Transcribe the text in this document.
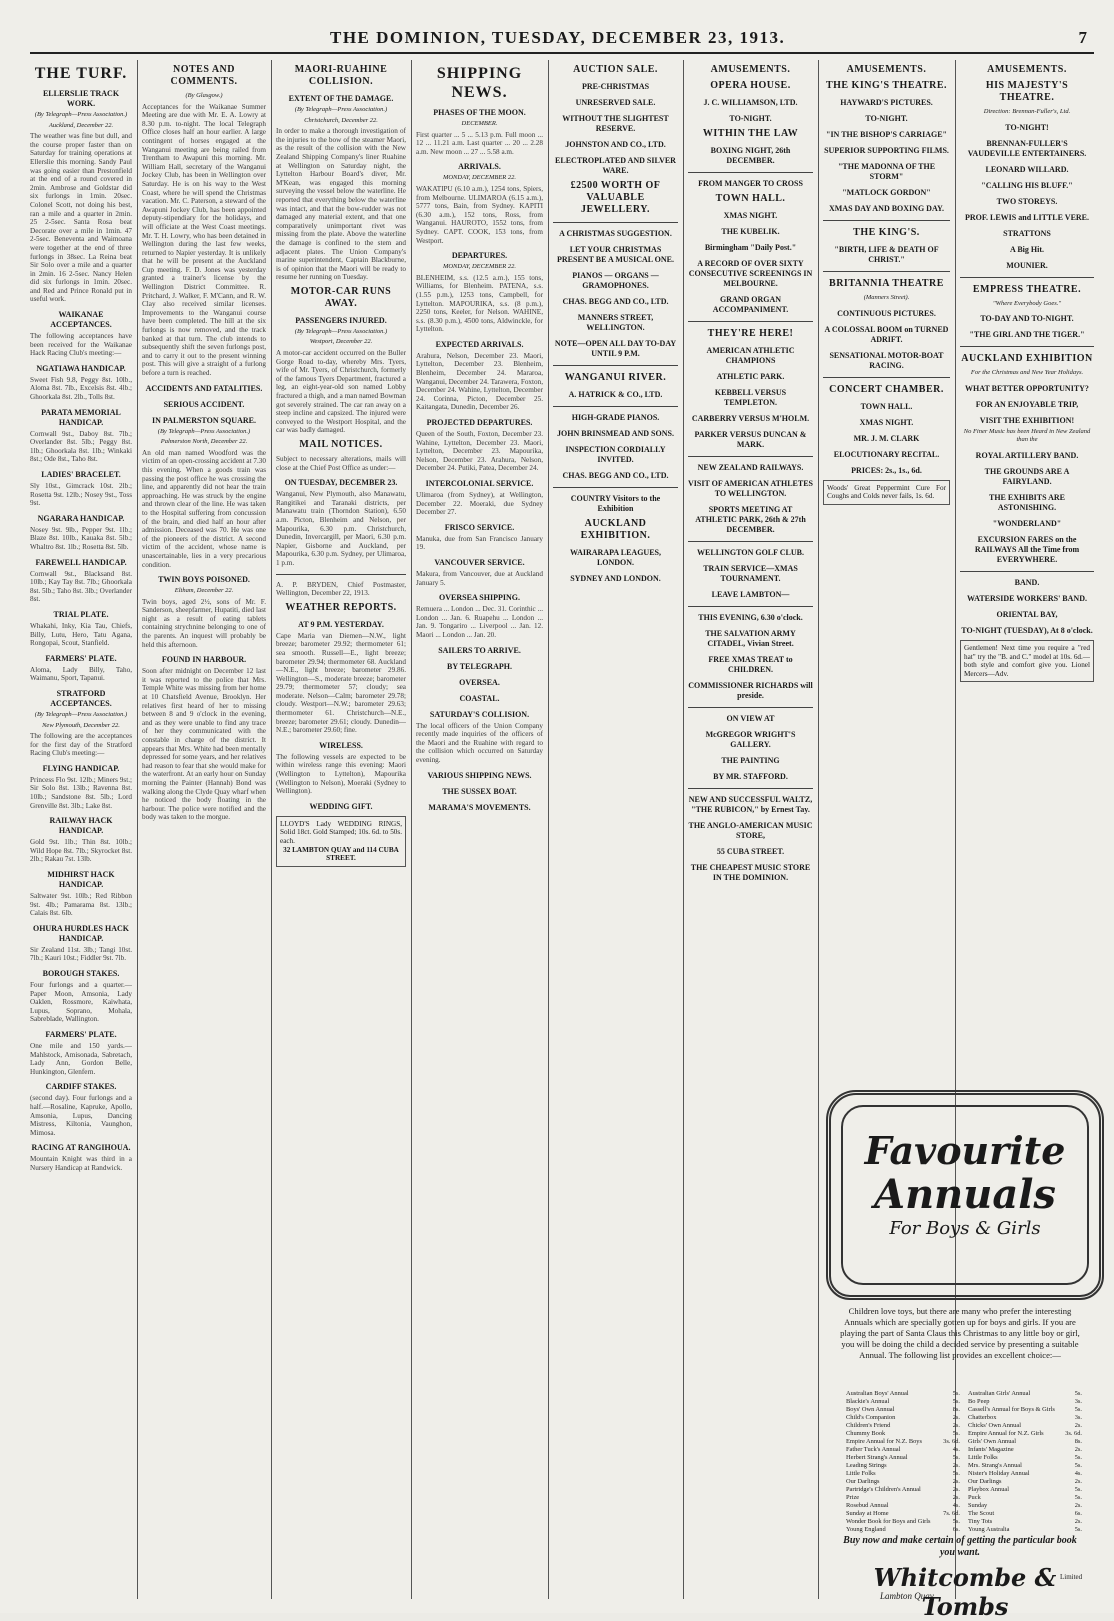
THE DOMINION, TUESDAY, DECEMBER 23, 1913.	7
THE TURF.
ELLERSLIE TRACK WORK.
(By Telegraph—Press Association.)
Auckland, December 22.
The weather was fine but dull, and the course proper faster than on Saturday for training operations at Ellerslie this morning. Sandy Paul was going easier than Prestonfield at the end of a round covered in 2min. Ambrose and Goldstar did six furlongs in 1min. 20sec. Colonel Scott, not doing his best, ran a mile and a quarter in 2min. 25 2-5sec. Santa Rosa beat Decorate over a mile in 1min. 47 2-5sec. Beneventa and Waimoana were together at the end of three furlongs in 38sec. La Reina beat Sir Solo over a mile and a quarter in 2min. 16 2-5sec. Nancy Helen did six furlongs in 1min. 20sec. and Red and Prince Ronald put in useful work.
WAIKANAE ACCEPTANCES.
The following acceptances have been received for the Waikanae Hack Racing Club's meeting:—
NGATIAWA HANDICAP.
Sweet Fish 9.8, Peggy 8st. 10lb., Aloma 8st. 7lb., Excelsis 8st. 4lb.; Ghoorkala 8st. 2lb., Tolls 8st.
PARATA MEMORIAL HANDICAP.
Cornwall 9st., Daboy 8st. 7lb.; Overlander 8st. 5lb.; Peggy 8st. 1lb.; Ghoorkala 8st. 1lb.; Winkaki 8st.; Ode 8st., Taho 8st.
LADIES' BRACELET.
Sly 10st., Gimcrack 10st. 2lb.; Rosetta 9st. 12lb.; Nosey 9st., Toss 9st.
NGARARA HANDICAP.
Nosey 9st. 9lb., Pepper 9st. 1lb.; Blaze 8st. 10lb., Kauaka 8st. 5lb.; Whaltro 8st. 1lb.; Rosetta 8st. 5lb.
FAREWELL HANDICAP.
Cornwall 9st., Blacksand 8st. 10lb.; Kay Tay 8st. 7lb.; Ghoorkala 8st. 5lb.; Taho 8st. 3lb.; Overlander 8st.
TRIAL PLATE.
Whakahi, Inky, Kia Tau, Chiefs, Billy, Lutu, Hero, Tatu Agana, Rongopai, Scout, Stanfield.
FARMERS' PLATE.
Aloma, Lady Billy, Taho, Waimanu, Sport, Tapanui.
STRATFORD ACCEPTANCES.
(By Telegraph—Press Association.)
New Plymouth, December 22.
The following are the acceptances for the first day of the Stratford Racing Club's meeting:—
FLYING HANDICAP.
Princess Flo 9st. 12lb.; Miners 9st.; Sir Solo 8st. 13lb.; Ravenna 8st. 10lb.; Sandstone 8st. 5lb.; Lord Grenville 8st. 3lb.; Lake 8st.
RAILWAY HACK HANDICAP.
Gold 9st. 1lb.; Thin 8st. 10lb.; Wild Hope 8st. 7lb.; Skyrocket 8st. 2lb.; Rakau 7st. 13lb.
MIDHIRST HACK HANDICAP.
Saltwater 9st. 10lb.; Red Ribbon 9st. 4lb.; Pamarama 8st. 13lb.; Calais 8st. 6lb.
OHURA HURDLES HACK HANDICAP.
Sir Zealand 11st. 3lb.; Tangi 10st. 7lb.; Kauri 10st.; Fiddler 9st. 7lb.
BOROUGH STAKES.
Four furlongs and a quarter.—Paper Moon, Amsonia, Lady Oaklen, Rossmore, Kaiwhata, Lupus, Soprano, Mohala, Sabreblade, Wallington.
FARMERS' PLATE.
One mile and 150 yards.—Mahlstock, Amisonada, Sabretach, Lady Ann, Gordon Belle, Hunkington, Glenfern.
CARDIFF STAKES.
(second day). Four furlongs and a half.—Rosaline, Kapruke, Apollo, Amsonia, Lupus, Dancing Mistress, Kiltonia, Vaunghon, Mimosa.
RACING AT RANGIHOUA.
Mountain Knight was third in a Nursery Handicap at Randwick.
NOTES AND COMMENTS.
(By Glasgow.)
Acceptances for the Waikanae Summer Meeting are due with Mr. E. A. Lowry at 8.30 p.m. to-night. The local Telegraph Office closes half an hour earlier. A large contingent of horses engaged at the Wanganui meeting are being railed from Trentham to Awapuni this morning. Mr. William Hall, secretary of the Wanganui Jockey Club, has been in Wellington over Saturday. He is on his way to the West Coast, where he will spend the Christmas vacation. Mr. C. Paterson, a steward of the Awapuni Jockey Club, has been appointed deputy-stipendiary for the holidays, and will officiate at the West Coast meetings. Mr. T. H. Lowry, who has been detained in Wellington during the last few weeks, returned to Napier yesterday. It is unlikely that he will be present at the Auckland Cup meeting. F. D. Jones was yesterday granted a trainer's license by the Wellington District Committee. R. Pritchard, J. Walker, F. M'Cann, and R. W. Clay also received similar licenses. Improvements to the Wanganui course have been completed. The hill at the six furlongs is now removed, and the track banked at that turn. The club intends to subsequently shift the seven furlongs post, and to carry it out to the present winning post. This will give a straight of a furlong before a turn is reached.
ACCIDENTS AND FATALITIES.
SERIOUS ACCIDENT.
IN PALMERSTON SQUARE.
(By Telegraph—Press Association.)
Palmerston North, December 22.
An old man named Woodford was the victim of an open-crossing accident at 7.30 this evening. When a goods train was passing the post office he was crossing the line, and apparently did not hear the train approaching. He was struck by the engine and thrown clear of the line. He was taken to the Hospital suffering from concussion of the brain, and died half an hour after admission. Deceased was 70. He was one of the pioneers of the district. A second victim of the accident, whose name is unascertainable, lies in a very precarious condition.
TWIN BOYS POISONED.
Eltham, December 22.
Twin boys, aged 2½, sons of Mr. F. Sanderson, sheepfarmer, Hupatiti, died last night as a result of eating tablets containing strychnine belonging to one of the parents. An inquest will probably be held this afternoon.
FOUND IN HARBOUR.
Soon after midnight on December 12 last it was reported to the police that Mrs. Temple White was missing from her home at 10 Chatsfield Avenue, Brooklyn. Her relatives first heard of her to missing between 8 and 9 o'clock in the evening, and as they were unable to find any trace of her they communicated with the constable in charge of the district. It appears that Mrs. White had been mentally depressed for some years, and her relatives had reason to fear that she would make for the waterfront. At an early hour on Sunday morning the Painter (Hannah) Bond was walking along the Clyde Quay wharf when he noticed the body floating in the harbour. The police were notified and the body was taken to the morgue.
MAORI-RUAHINE COLLISION.
EXTENT OF THE DAMAGE.
(By Telegraph—Press Association.)
Christchurch, December 22.
In order to make a thorough investigation of the injuries to the bow of the steamer Maori, as the result of the collision with the New Zealand Shipping Company's liner Ruahine at Wellington on Saturday night, the Lyttelton Harbour Board's diver, Mr. M'Kean, was engaged this morning surveying the vessel below the waterline. He reported that everything below the waterline was intact, and that the bow-rudder was not damaged any material extent, and that one comparatively unimportant rivet was missing from the plate. Above the waterline the damage is confined to the stem and adjacent plates. The Union Company's marine superintendent, Captain Blackburne, is of opinion that the Maori will be ready to resume her running on Tuesday.
MOTOR-CAR RUNS AWAY.
PASSENGERS INJURED.
(By Telegraph—Press Association.)
Westport, December 22.
A motor-car accident occurred on the Buller Gorge Road to-day, whereby Mrs. Tyers, wife of Mr. Tyers, of Christchurch, formerly of the famous Tyers Department, fractured a leg, an eight-year-old son named Lobby fractured a thigh, and a man named Bowman got severely strained. The car ran away on a steep incline and capsized. The injured were conveyed to the Westport Hospital, and the car was badly damaged.
MAIL NOTICES.
Subject to necessary alterations, mails will close at the Chief Post Office as under:—
ON TUESDAY, DECEMBER 23.
Wanganui, New Plymouth, also Manawatu, Rangitikei and Taranaki districts, per Manawatu train (Thorndon Station), 6.50 a.m. Picton, Blenheim and Nelson, per Mapourika, 6.30 p.m. Christchurch, Dunedin, Invercargill, per Maori, 6.30 p.m. Napier, Gisborne and Auckland, per Mapourika, 6.30 p.m. Sydney, per Ulimaroa, 1 p.m.
A. P. BRYDEN, Chief Postmaster, Wellington, December 22, 1913.
WEATHER REPORTS.
AT 9 P.M. YESTERDAY.
Cape Maria van Diemen—N.W., light breeze; barometer 29.92; thermometer 61; sea smooth. Russell—E., light breeze; barometer 29.94; thermometer 68. Auckland—N.E., light breeze; barometer 29.86. Wellington—S., moderate breeze; barometer 29.79; thermometer 57; cloudy; sea moderate. Nelson—Calm; barometer 29.78; cloudy. Westport—N.W.; barometer 29.63; thermometer 61. Christchurch—N.E., breeze; barometer 29.61; cloudy. Dunedin—N.E.; barometer 29.60; fine.
WIRELESS.
The following vessels are expected to be within wireless range this evening: Maori (Wellington to Lyttelton), Mapourika (Wellington to Nelson), Moeraki (Sydney to Wellington).
WEDDING GIFT.
LLOYD'S Lady WEDDING RINGS, Solid 18ct. Gold Stamped; 10s. 6d. to 50s. each.
32 LAMBTON QUAY and 114 CUBA STREET.
SHIPPING NEWS.
PHASES OF THE MOON.
DECEMBER.
First quarter ... 5 ... 5.13 p.m. Full moon ... 12 ... 11.21 a.m. Last quarter ... 20 ... 2.28 a.m. New moon ... 27 ... 5.58 a.m.
ARRIVALS.
MONDAY, DECEMBER 22.
WAKATIPU (6.10 a.m.), 1254 tons, Spiers, from Melbourne. ULIMAROA (6.15 a.m.), 5777 tons, Bain, from Sydney. KAPITI (6.30 a.m.), 152 tons, Ross, from Wanganui. HAUROTO, 1552 tons, from Sydney. CAPT. COOK, 153 tons, from Westport.
DEPARTURES.
MONDAY, DECEMBER 22.
BLENHEIM, s.s. (12.5 a.m.), 155 tons, Williams, for Blenheim. PATENA, s.s. (1.55 p.m.), 1253 tons, Campbell, for Lyttelton. MAPOURIKA, s.s. (8 p.m.), 2250 tons, Keeler, for Nelson. WAHINE, s.s. (8.30 p.m.), 4500 tons, Aldwinckle, for Lyttelton.
EXPECTED ARRIVALS.
Arahura, Nelson, December 23. Maori, Lyttelton, December 23. Blenheim, Blenheim, December 24. Mararoa, Wanganui, December 24. Tarawera, Foxton, December 24. Wahine, Lyttelton, December 24. Corinna, Picton, December 25. Kaitangata, Dunedin, December 26.
PROJECTED DEPARTURES.
Queen of the South, Foxton, December 23. Wahine, Lyttelton, December 23. Maori, Lyttelton, December 23. Mapourika, Nelson, December 23. Arahura, Nelson, December 24. Putiki, Patea, December 24.
INTERCOLONIAL SERVICE.
Ulimaroa (from Sydney), at Wellington, December 22. Moeraki, due Sydney December 27.
FRISCO SERVICE.
Manuka, due from San Francisco January 19.
VANCOUVER SERVICE.
Makura, from Vancouver, due at Auckland January 5.
OVERSEA SHIPPING.
Remuera ... London ... Dec. 31. Corinthic ... London ... Jan. 6. Ruapehu ... London ... Jan. 9. Tongariro ... Liverpool ... Jan. 12. Maori ... London ... Jan. 20.
SAILERS TO ARRIVE.
BY TELEGRAPH.
OVERSEA.
COASTAL.
SATURDAY'S COLLISION.
The local officers of the Union Company recently made inquiries of the officers of the Maori and the Ruahine with regard to the collision which occurred on Saturday evening.
VARIOUS SHIPPING NEWS.
THE SUSSEX BOAT.
MARAMA'S MOVEMENTS.
AUCTION SALE.
PRE-CHRISTMAS
UNRESERVED SALE.
WITHOUT THE SLIGHTEST RESERVE.
JOHNSTON AND CO., LTD.
ELECTROPLATED AND SILVER WARE.
£2500 WORTH OF VALUABLE JEWELLERY.
A CHRISTMAS SUGGESTION.
LET YOUR CHRISTMAS PRESENT BE A MUSICAL ONE.
PIANOS — ORGANS — GRAMOPHONES.
CHAS. BEGG AND CO., LTD.
MANNERS STREET, WELLINGTON.
NOTE—OPEN ALL DAY TO-DAY UNTIL 9 P.M.
WANGANUI RIVER.
A. HATRICK & CO., LTD.
HIGH-GRADE PIANOS.
JOHN BRINSMEAD AND SONS.
INSPECTION CORDIALLY INVITED.
CHAS. BEGG AND CO., LTD.
COUNTRY Visitors to the Exhibition
AUCKLAND EXHIBITION.
WAIRARAPA LEAGUES, LONDON.
SYDNEY AND LONDON.
AMUSEMENTS.
OPERA HOUSE.
J. C. WILLIAMSON, LTD.
TO-NIGHT.
WITHIN THE LAW
BOXING NIGHT, 26th DECEMBER.
FROM MANGER TO CROSS
TOWN HALL.
XMAS NIGHT.
THE KUBELIK.
Birmingham "Daily Post."
A RECORD OF OVER SIXTY CONSECUTIVE SCREENINGS IN MELBOURNE.
GRAND ORGAN ACCOMPANIMENT.
THEY'RE HERE!
AMERICAN ATHLETIC CHAMPIONS
ATHLETIC PARK.
KEBBELL VERSUS TEMPLETON.
CARBERRY VERSUS M'HOLM.
PARKER VERSUS DUNCAN & MARK.
NEW ZEALAND RAILWAYS.
VISIT OF AMERICAN ATHLETES TO WELLINGTON.
SPORTS MEETING AT ATHLETIC PARK, 26th & 27th DECEMBER.
WELLINGTON GOLF CLUB.
TRAIN SERVICE—XMAS TOURNAMENT.
LEAVE LAMBTON—
THIS EVENING, 6.30 o'clock.
THE SALVATION ARMY CITADEL, Vivian Street.
FREE XMAS TREAT to CHILDREN.
COMMISSIONER RICHARDS will preside.
ON VIEW AT
McGREGOR WRIGHT'S GALLERY.
THE PAINTING
BY MR. STAFFORD.
NEW AND SUCCESSFUL WALTZ, "THE RUBICON," by Ernest Tay.
THE ANGLO-AMERICAN MUSIC STORE,
55 CUBA STREET.
THE CHEAPEST MUSIC STORE IN THE DOMINION.
AMUSEMENTS.
THE KING'S THEATRE.
HAYWARD'S PICTURES.
TO-NIGHT.
"IN THE BISHOP'S CARRIAGE"
SUPERIOR SUPPORTING FILMS.
"THE MADONNA OF THE STORM"
"MATLOCK GORDON"
XMAS DAY AND BOXING DAY.
THE KING'S.
"BIRTH, LIFE & DEATH OF CHRIST."
BRITANNIA THEATRE
(Manners Street).
CONTINUOUS PICTURES.
A COLOSSAL BOOM on TURNED ADRIFT.
SENSATIONAL MOTOR-BOAT RACING.
CONCERT CHAMBER.
TOWN HALL.
XMAS NIGHT.
MR. J. M. CLARK
ELOCUTIONARY RECITAL.
PRICES: 2s., 1s., 6d.
Woods' Great Peppermint Cure For Coughs and Colds never fails, 1s. 6d.
AMUSEMENTS.
HIS MAJESTY'S THEATRE.
Direction: Brennan-Fuller's, Ltd.
TO-NIGHT!
BRENNAN-FULLER'S VAUDEVILLE ENTERTAINERS.
LEONARD WILLARD.
"CALLING HIS BLUFF."
TWO STOREYS.
PROF. LEWIS and LITTLE VERE.
STRATTONS
A Big Hit.
MOUNIER.
EMPRESS THEATRE.
"Where Everybody Goes."
TO-DAY AND TO-NIGHT.
"THE GIRL AND THE TIGER."
AUCKLAND EXHIBITION
For the Christmas and New Year Holidays.
WHAT BETTER OPPORTUNITY?
FOR AN ENJOYABLE TRIP,
VISIT THE EXHIBITION!
No Finer Music has been Heard in New Zealand than the
ROYAL ARTILLERY BAND.
THE GROUNDS ARE A FAIRYLAND.
THE EXHIBITS ARE ASTONISHING.
"WONDERLAND"
EXCURSION FARES on the RAILWAYS All the Time from EVERYWHERE.
BAND.
WATERSIDE WORKERS' BAND.
ORIENTAL BAY,
TO-NIGHT (TUESDAY), At 8 o'clock.
Gentlemen! Next time you require a "red hat" try the "B. and C." model at 10s. 6d.—both style and comfort give you. Lionel Mercers—Adv.
Favourite
Annuals
For Boys & Girls
Children love toys, but there are many who prefer the interesting Annuals which are specially gotten up for boys and girls. If you are playing the part of Santa Claus this Christmas to any little boy or girl, you will be doing the child a decided service by presenting a suitable Annual. The following list provides an excellent choice:—
Australian Boys' Annual	5s.
Blackie's Annual	5s.
Boys' Own Annual	8s.
Child's Companion	2s.
Children's Friend	2s.
Chummy Book	5s.
Empire Annual for N.Z. Boys	3s. 6d.
Father Tuck's Annual	4s.
Herbert Strang's Annual	5s.
Leading Strings	2s.
Little Folks	5s.
Our Darlings	2s.
Partridge's Children's Annual	2s.
Prize	2s.
Rosebud Annual	4s.
Sunday at Home	7s. 6d.
Wonder Book for Boys and Girls	5s.
Young England	6s.
Australian Girls' Annual	5s.
Bo Peep	3s.
Cassell's Annual for Boys & Girls	5s.
Chatterbox	3s.
Chicks' Own Annual	2s.
Empire Annual for N.Z. Girls	3s. 6d.
Girls' Own Annual	8s.
Infants' Magazine	2s.
Little Folks	5s.
Mrs. Strang's Annual	5s.
Nister's Holiday Annual	4s.
Our Darlings	2s.
Playbox Annual	5s.
Puck	5s.
Sunday	2s.
The Scout	6s.
Tiny Tots	2s.
Young Australia	5s.
Buy now and make certain of getting the particular book you want.
Whitcombe & Tombs
Limited
Lambton Quay
